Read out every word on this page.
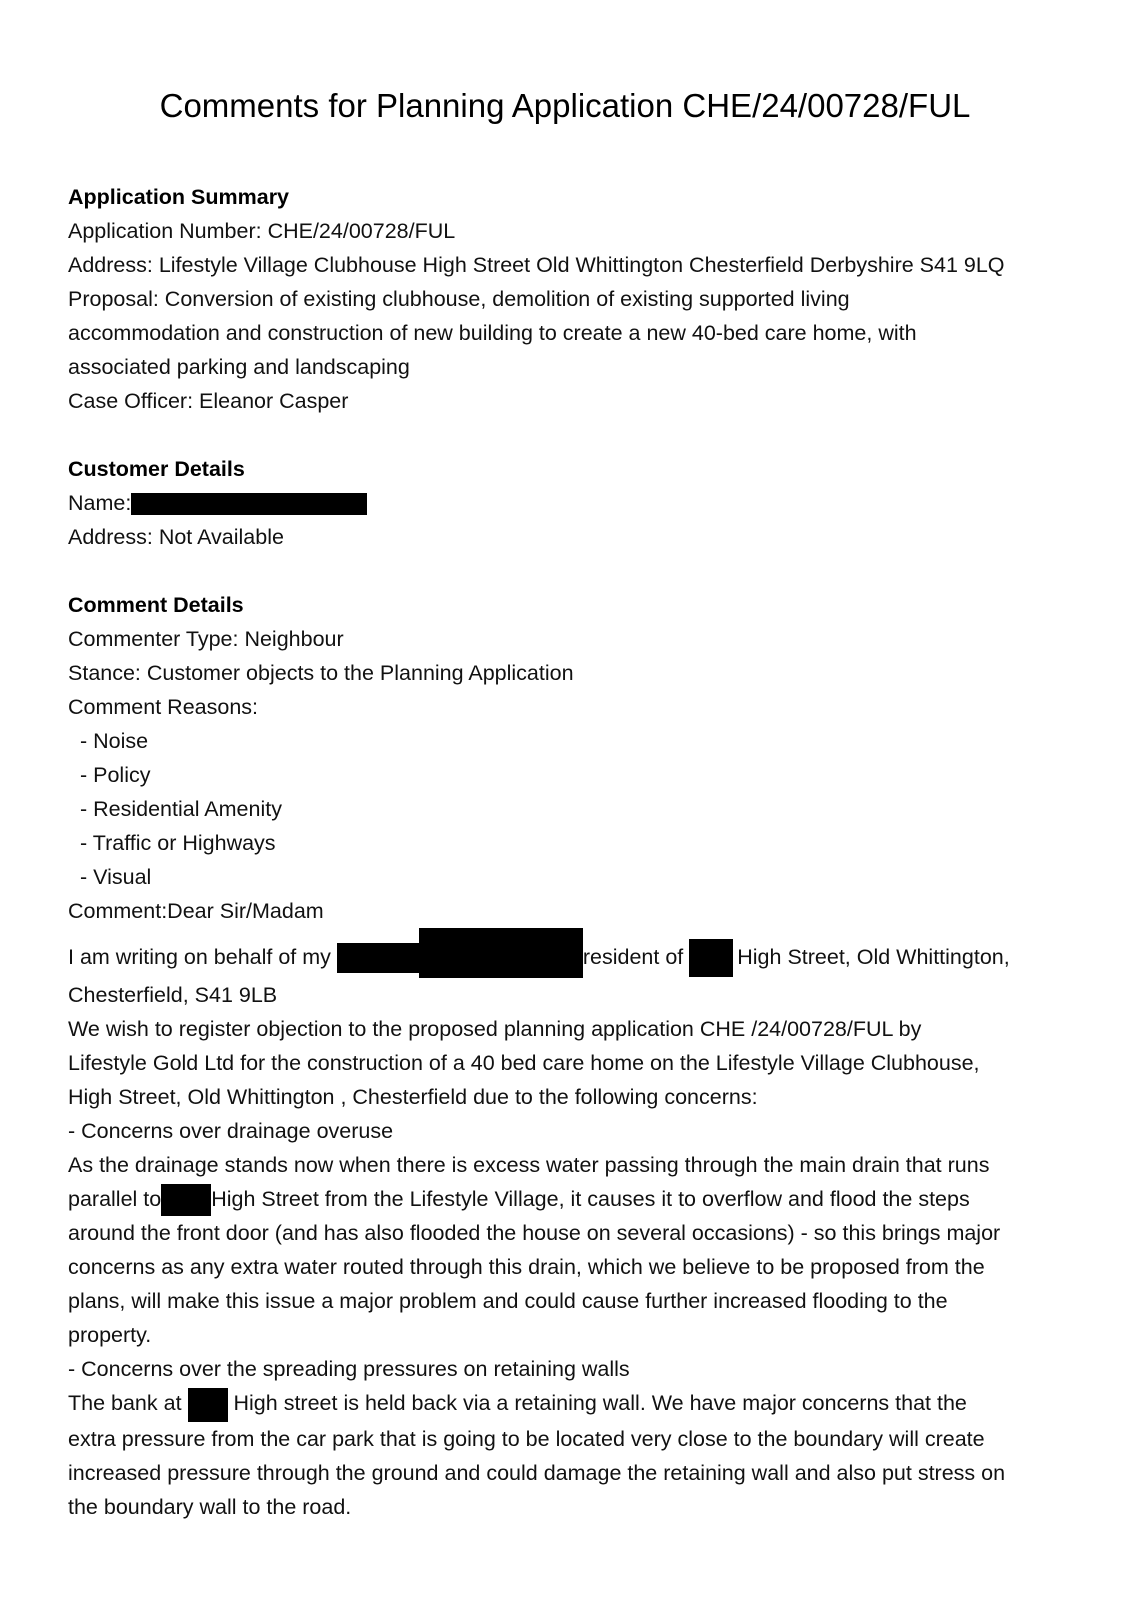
Comments for Planning Application CHE/24/00728/FUL
Application Summary
Application Number: CHE/24/00728/FUL
Address: Lifestyle Village Clubhouse High Street Old Whittington Chesterfield Derbyshire S41 9LQ
Proposal: Conversion of existing clubhouse, demolition of existing supported living
accommodation and construction of new building to create a new 40-bed care home, with
associated parking and landscaping
Case Officer: Eleanor Casper
Customer Details
Name:
Address: Not Available
Comment Details
Commenter Type: Neighbour
Stance: Customer objects to the Planning Application
Comment Reasons:
- Noise
- Policy
- Residential Amenity
- Traffic or Highways
- Visual
Comment:Dear Sir/Madam
I am writing on behalf of my	resident of High Street, Old Whittington,
Chesterfield, S41 9LB
We wish to register objection to the proposed planning application CHE /24/00728/FUL by
Lifestyle Gold Ltd for the construction of a 40 bed care home on the Lifestyle Village Clubhouse,
High Street, Old Whittington , Chesterfield due to the following concerns:
- Concerns over drainage overuse
As the drainage stands now when there is excess water passing through the main drain that runs
parallel to High Street from the Lifestyle Village, it causes it to overflow and flood the steps
around the front door (and has also flooded the house on several occasions) - so this brings major
concerns as any extra water routed through this drain, which we believe to be proposed from the
plans, will make this issue a major problem and could cause further increased flooding to the
property.
- Concerns over the spreading pressures on retaining walls
The bank at  High street is held back via a retaining wall. We have major concerns that the
extra pressure from the car park that is going to be located very close to the boundary will create
increased pressure through the ground and could damage the retaining wall and also put stress on
the boundary wall to the road.
